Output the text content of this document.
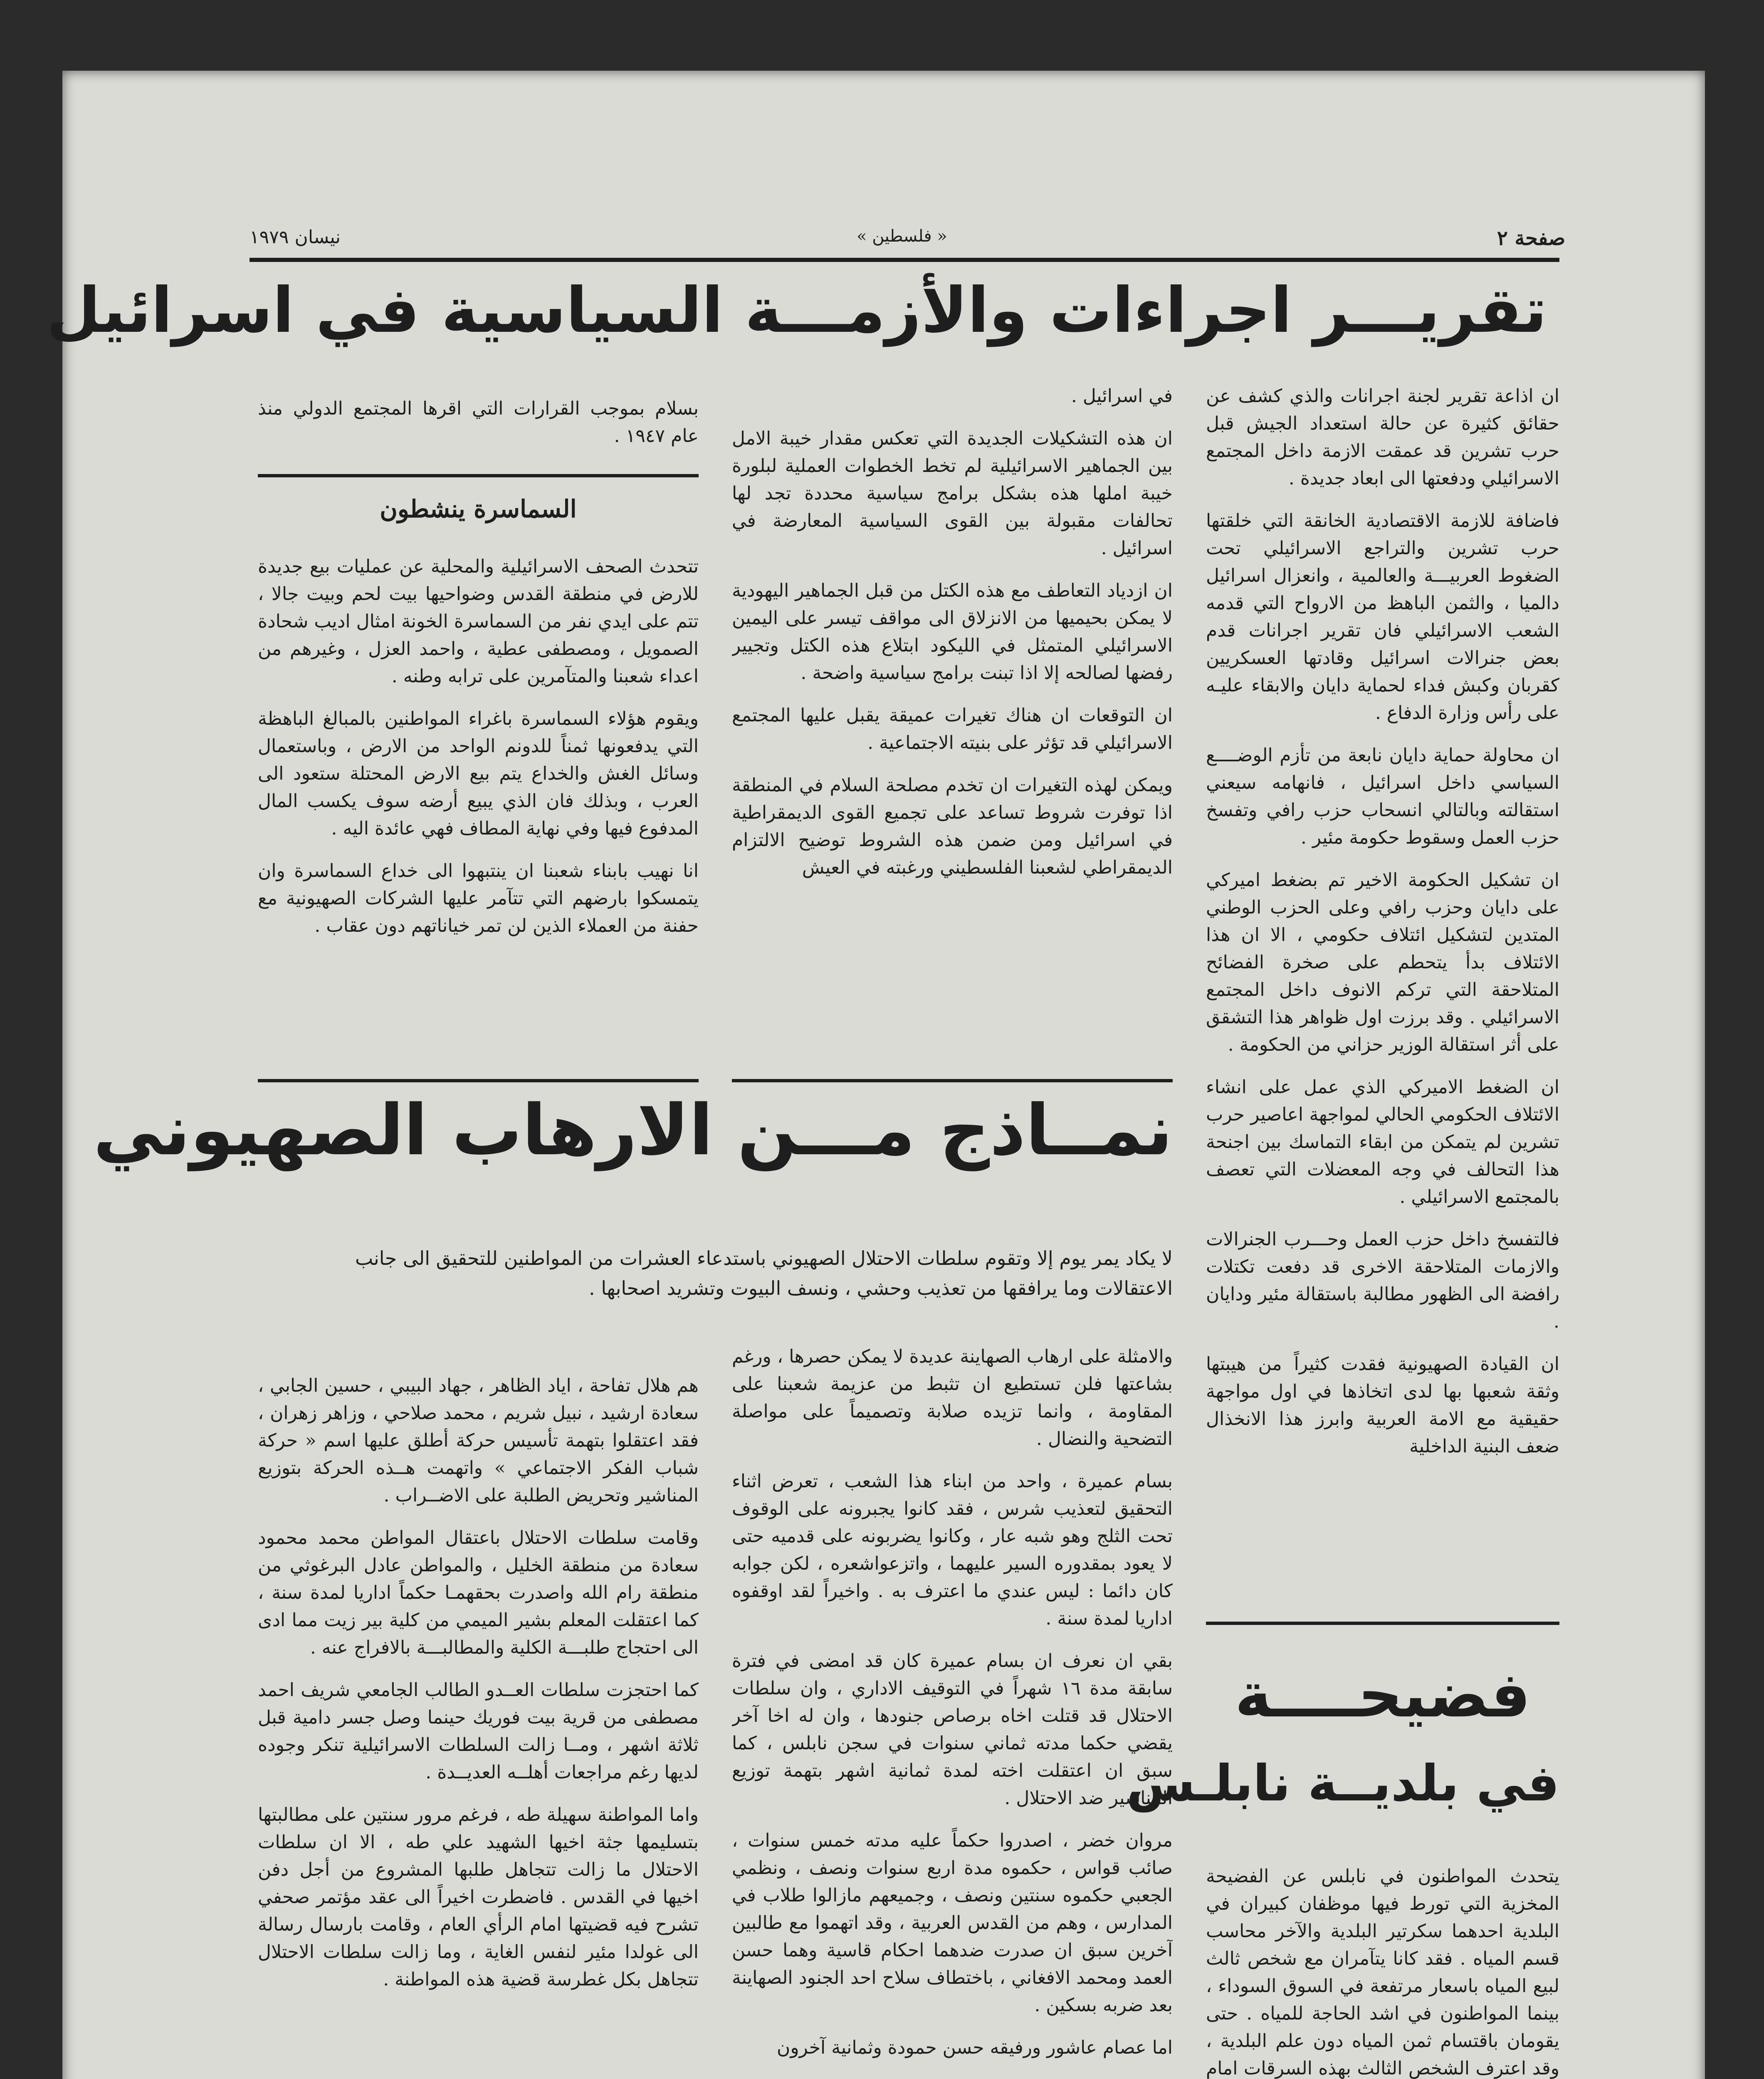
نيسان ١٩٧٩	« فلسطين »	صفحة ٢
تقريـــر اجراءات والأزمـــة السياسية في اسرائيل

ان اذاعة تقرير لجنة اجرانات والذي كشف عن حقائق كثيرة عن حالة استعداد الجيش قبل حرب تشرين قد عمقت الازمة داخل المجتمع الاسرائيلي ودفعتها الى ابعاد جديدة .

فاضافة للازمة الاقتصادية الخانقة التي خلقتها حرب تشرين والتراجع الاسرائيلي تحت الضغوط العربيـــة والعالمية ، وانعزال اسرائيل دالميا ، والثمن الباهظ من الارواح التي قدمه الشعب الاسرائيلي فان تقرير اجرانات قدم بعض جنرالات اسرائيل وقادتها العسكريين كقربان وكبش فداء لحماية دايان والابقاء عليـه على رأس وزارة الدفاع .

ان محاولة حماية دايان نابعة من تأزم الوضــــع السياسي داخل اسرائيل ، فانهامه سيعني استقالته وبالتالي انسحاب حزب رافي وتفسخ حزب العمل وسقوط حكومة مئير .

ان تشكيل الحكومة الاخير تم بضغط اميركي على دايان وحزب رافي وعلى الحزب الوطني المتدين لتشكيل ائتلاف حكومي ، الا ان هذا الائتلاف بدأ يتحطم على صخرة الفضائح المتلاحقة التي تركم الانوف داخل المجتمع الاسرائيلي . وقد برزت اول ظواهر هذا التشقق على أثر استقالة الوزير حزاني من الحكومة .

ان الضغط الاميركي الذي عمل على انشاء الائتلاف الحكومي الحالي لمواجهة اعاصير حرب تشرين لم يتمكن من ابقاء التماسك بين اجنحة هذا التحالف في وجه المعضلات التي تعصف بالمجتمع الاسرائيلي .

فالتفسخ داخل حزب العمل وحـــرب الجنرالات والازمات المتلاحقة الاخرى قد دفعت تكتلات رافضة الى الظهور مطالبة باستقالة مئير ودايان .

ان القيادة الصهيونية فقدت كثيراً من هيبتها وثقة شعبها بها لدى اتخاذها في اول مواجهة حقيقية مع الامة العربية وابرز هذا الانخذال ضعف البنية الداخلية

في اسرائيل .

ان هذه التشكيلات الجديدة التي تعكس مقدار خيبة الامل بين الجماهير الاسرائيلية لم تخط الخطوات العملية لبلورة خيبة املها هذه بشكل برامج سياسية محددة تجد لها تحالفات مقبولة بين القوى السياسية المعارضة في اسرائيل .

ان ازدياد التعاطف مع هذه الكتل من قبل الجماهير اليهودية لا يمكن بحيميها من الانزلاق الى مواقف تيسر على اليمين الاسرائيلي المتمثل في الليكود ابتلاع هذه الكتل وتجيير رفضها لصالحه إلا اذا تبنت برامج سياسية واضحة .

ان التوقعات ان هناك تغيرات عميقة يقبل عليها المجتمع الاسرائيلي قد تؤثر على بنيته الاجتماعية .

ويمكن لهذه التغيرات ان تخدم مصلحة السلام في المنطقة اذا توفرت شروط تساعد على تجميع القوى الديمقراطية في اسرائيل ومن ضمن هذه الشروط توضيح الالتزام الديمقراطي لشعبنا الفلسطيني ورغبته في العيش

بسلام بموجب القرارات التي اقرها المجتمع الدولي منذ عام ١٩٤٧ .

السماسرة ينشطون

تتحدث الصحف الاسرائيلية والمحلية عن عمليات بيع جديدة للارض في منطقة القدس وضواحيها بيت لحم وبيت جالا ، تتم على ايدي نفر من السماسرة الخونة امثال اديب شحادة الصمويل ، ومصطفى عطية ، واحمد العزل ، وغيرهم من اعداء شعبنا والمتآمرين على ترابه وطنه .

ويقوم هؤلاء السماسرة باغراء المواطنين بالمبالغ الباهظة التي يدفعونها ثمناً للدونم الواحد من الارض ، وباستعمال وسائل الغش والخداع يتم بيع الارض المحتلة ستعود الى العرب ، وبذلك فان الذي يبيع أرضه سوف يكسب المال المدفوع فيها وفي نهاية المطاف فهي عائدة اليه .

انا نهيب بابناء شعبنا ان ينتبهوا الى خداع السماسرة وان يتمسكوا بارضهم التي تتآمر عليها الشركات الصهيونية مع حفنة من العملاء الذين لن تمر خياناتهم دون عقاب .

نمــاذج مـــن الارهاب الصهيوني
لا يكاد يمر يوم إلا وتقوم سلطات الاحتلال الصهيوني باستدعاء العشرات من المواطنين للتحقيق الى جانب
الاعتقالات وما يرافقها من تعذيب وحشي ، ونسف البيوت وتشريد اصحابها .

والامثلة على ارهاب الصهاينة عديدة لا يمكن حصرها ، ورغم بشاعتها فلن تستطيع ان تثبط من عزيمة شعبنا على المقاومة ، وانما تزيده صلابة وتصميماً على مواصلة التضحية والنضال .

بسام عميرة ، واحد من ابناء هذا الشعب ، تعرض اثناء التحقيق لتعذيب شرس ، فقد كانوا يجبرونه على الوقوف تحت الثلج وهو شبه عار ، وكانوا يضربونه على قدميه حتى لا يعود بمقدوره السير عليهما ، واتزعواشعره ، لكن جوابه كان دائما : ليس عندي ما اعترف به . واخيراً لقد اوقفوه اداريا لمدة سنة .

بقي ان نعرف ان بسام عميرة كان قد امضى في فترة سابقة مدة ١٦ شهراً في التوقيف الاداري ، وان سلطات الاحتلال قد قتلت اخاه برصاص جنودها ، وان له اخا آخر يقضي حكما مدته ثماني سنوات في سجن نابلس ، كما سبق ان اعتقلت اخته لمدة ثمانية اشهر بتهمة توزيع المناشير ضد الاحتلال .

مروان خضر ، اصدروا حكماً عليه مدته خمس سنوات ، صائب قواس ، حكموه مدة اربع سنوات ونصف ، ونظمي الجعبي حكموه سنتين ونصف ، وجميعهم مازالوا طلاب في المدارس ، وهم من القدس العربية ، وقد اتهموا مع طالبين آخرين سبق ان صدرت ضدهما احكام قاسية وهما حسن العمد ومحمد الافغاني ، باختطاف سلاح احد الجنود الصهاينة بعد ضربه بسكين .

اما عصام عاشور ورفيقه حسن حمودة وثمانية آخرون

هم هلال تفاحة ، اياد الظاهر ، جهاد البيبي ، حسين الجابي ، سعادة ارشيد ، نبيل شريم ، محمد صلاحي ، وزاهر زهران ، فقد اعتقلوا بتهمة تأسيس حركة أطلق عليها اسم « حركة شباب الفكر الاجتماعي » واتهمت هــذه الحركة بتوزيع المناشير وتحريض الطلبة على الاضــراب .

وقامت سلطات الاحتلال باعتقال المواطن محمد محمود سعادة من منطقة الخليل ، والمواطن عادل البرغوثي من منطقة رام الله واصدرت بحقهمـا حكماً اداريا لمدة سنة ، كما اعتقلت المعلم بشير الميمي من كلية بير زيت مما ادى الى احتجاج طلبـــة الكلية والمطالبـــة بالافراج عنه .

كما احتجزت سلطات العــدو الطالب الجامعي شريف احمد مصطفى من قرية بيت فوريك حينما وصل جسر دامية قبل ثلاثة اشهر ، ومــا زالت السلطات الاسرائيلية تنكر وجوده لديها رغم مراجعات أهلــه العديــدة .

واما المواطنة سهيلة طه ، فرغم مرور سنتين على مطالبتها بتسليمها جثة اخيها الشهيد علي طه ، الا ان سلطات الاحتلال ما زالت تتجاهل طلبها المشروع من أجل دفن اخيها في القدس . فاضطرت اخيراً الى عقد مؤتمر صحفي تشرح فيه قضيتها امام الرأي العام ، وقامت بارسال رسالة الى غولدا مئير لنفس الغاية ، وما زالت سلطات الاحتلال تتجاهل بكل غطرسة قضية هذه المواطنة .

فضيحــــة
في بلديــة نابلـس

يتحدث المواطنون في نابلس عن الفضيحة المخزية التي تورط فيها موظفان كبيران في البلدية احدهما سكرتير البلدية والآخر محاسب قسم المياه . فقد كانا يتآمران مع شخص ثالث لبيع المياه باسعار مرتفعة في السوق السوداء ، بينما المواطنون في اشد الحاجة للمياه . حتى يقومان باقتسام ثمن المياه دون علم البلدية ، وقد اعترف الشخص الثالث بهذه السرقات امام
